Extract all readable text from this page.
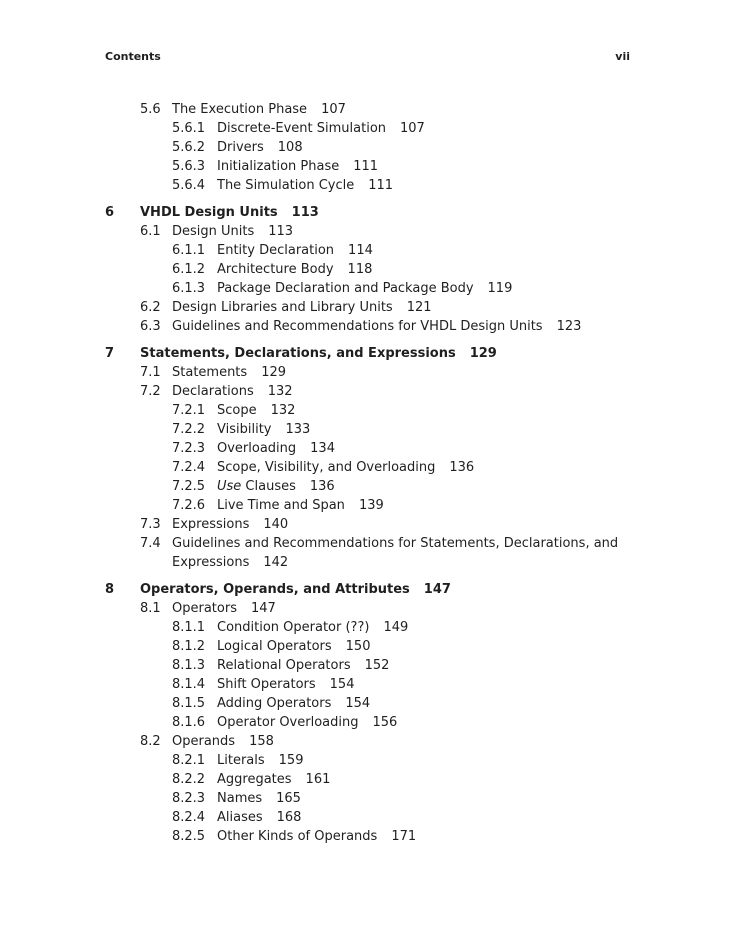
Contents	vii
5.6 The Execution Phase 107
5.6.1 Discrete-Event Simulation 107
5.6.2 Drivers 108
5.6.3 Initialization Phase 111
5.6.4 The Simulation Cycle 111
6 VHDL Design Units 113
6.1 Design Units 113
6.1.1 Entity Declaration 114
6.1.2 Architecture Body 118
6.1.3 Package Declaration and Package Body 119
6.2 Design Libraries and Library Units 121
6.3 Guidelines and Recommendations for VHDL Design Units 123
7 Statements, Declarations, and Expressions 129
7.1 Statements 129
7.2 Declarations 132
7.2.1 Scope 132
7.2.2 Visibility 133
7.2.3 Overloading 134
7.2.4 Scope, Visibility, and Overloading 136
7.2.5 Use Clauses 136
7.2.6 Live Time and Span 139
7.3 Expressions 140
7.4 Guidelines and Recommendations for Statements, Declarations, and
Expressions 142
8 Operators, Operands, and Attributes 147
8.1 Operators 147
8.1.1 Condition Operator (??) 149
8.1.2 Logical Operators 150
8.1.3 Relational Operators 152
8.1.4 Shift Operators 154
8.1.5 Adding Operators 154
8.1.6 Operator Overloading 156
8.2 Operands 158
8.2.1 Literals 159
8.2.2 Aggregates 161
8.2.3 Names 165
8.2.4 Aliases 168
8.2.5 Other Kinds of Operands 171
